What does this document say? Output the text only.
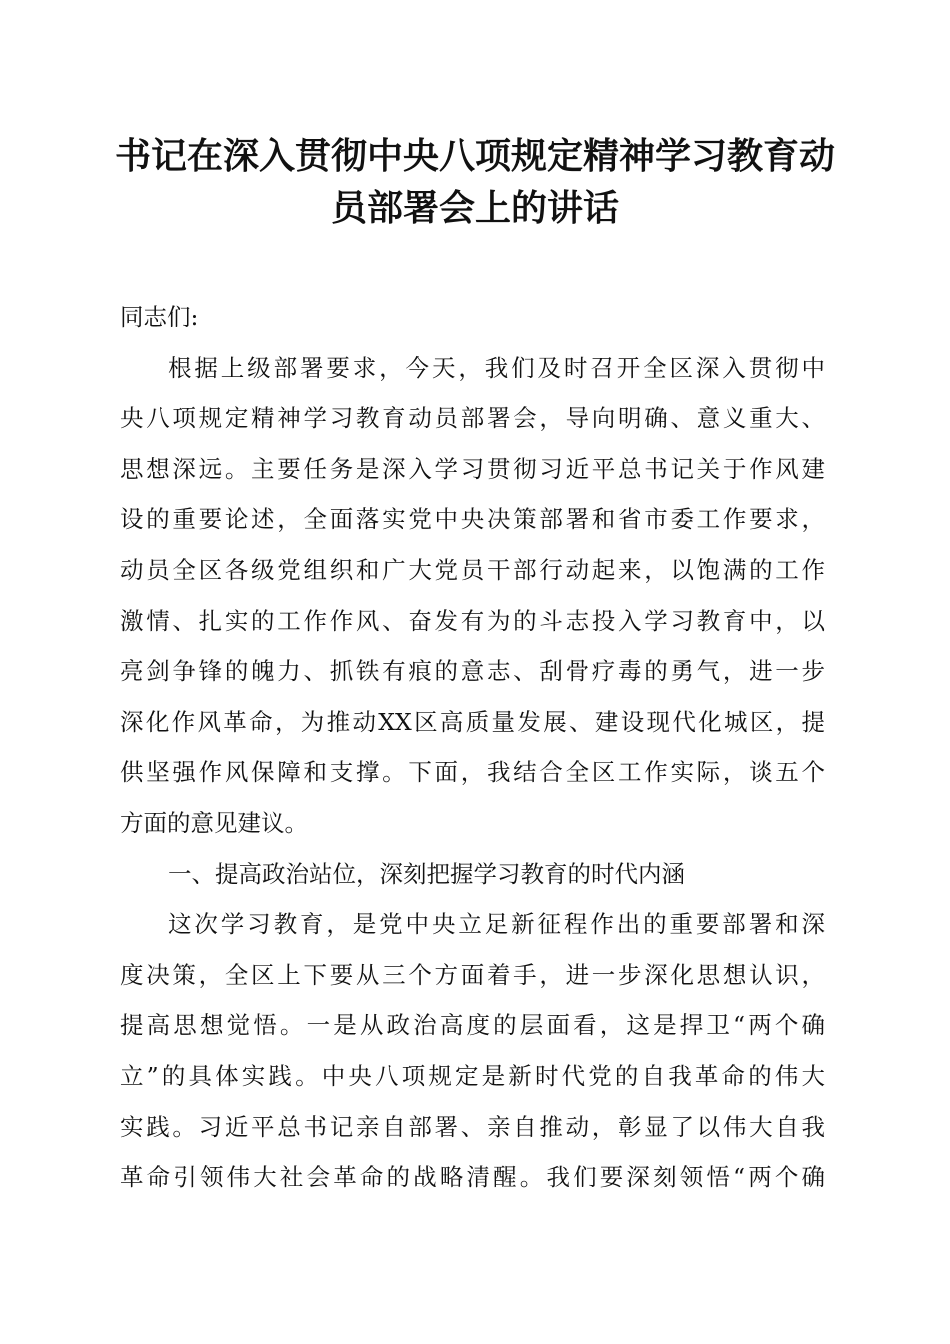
书记在深入贯彻中央八项规定精神学习教育动
员部署会上的讲话
同志们:
根据上级部署要求，今天，我们及时召开全区深入贯彻中
央八项规定精神学习教育动员部署会，导向明确、意义重大、
思想深远。主要任务是深入学习贯彻习近平总书记关于作风建
设的重要论述，全面落实党中央决策部署和省市委工作要求，
动员全区各级党组织和广大党员干部行动起来，以饱满的工作
激情、扎实的工作作风、奋发有为的斗志投入学习教育中，以
亮剑争锋的魄力、抓铁有痕的意志、刮骨疗毒的勇气，进一步
深化作风革命，为推动XX区高质量发展、建设现代化城区，提
供坚强作风保障和支撑。下面，我结合全区工作实际，谈五个
方面的意见建议。
一、提高政治站位，深刻把握学习教育的时代内涵
这次学习教育，是党中央立足新征程作出的重要部署和深
度决策，全区上下要从三个方面着手，进一步深化思想认识，
提高思想觉悟。一是从政治高度的层面看，这是捍卫“两个确
立”的具体实践。中央八项规定是新时代党的自我革命的伟大
实践。习近平总书记亲自部署、亲自推动，彰显了以伟大自我
革命引领伟大社会革命的战略清醒。我们要深刻领悟“两个确
